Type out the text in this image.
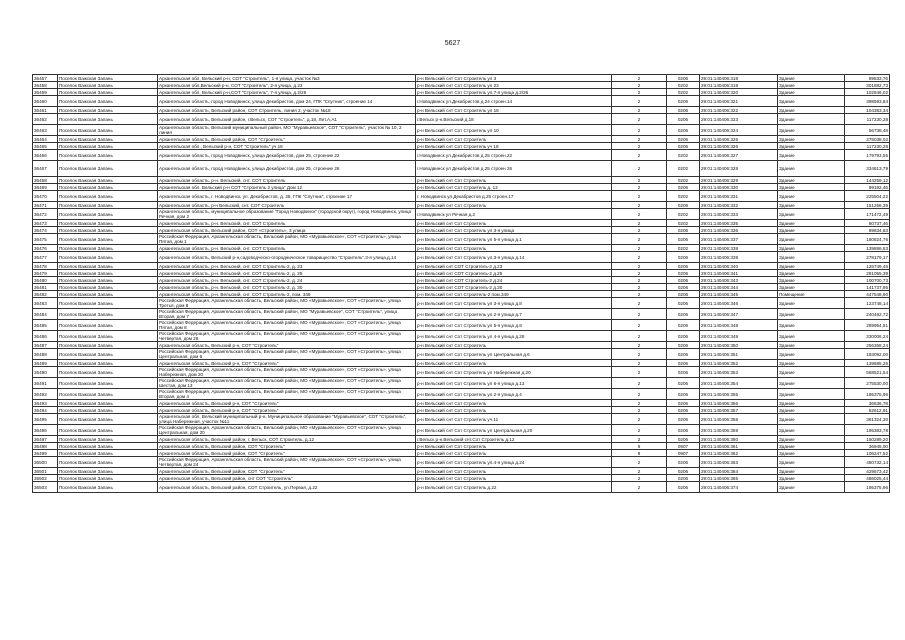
5627
36457	Поселок Важская Запань	Архангельская обл, Вельский р-н, СОТ "Строитель", 1-я улица, участок №3	р-н Вельский снт Сот Строитель ул 3	2	0206	29:01:140406:318	Здание	89833,76
36458	Поселок Важская Запань	Архангельская обл,Вельский р-н, СОТ "Строитель", 2-я улица, д.23	р-н Вельский снт Сот Строитель ул 23	2	0202	29:01:140406:319	Здание	301882,73
36459	Поселок Важская Запань	Архангельская обл, Вельский р-н,СОТ "Строитель", 7-я улица, д.2/26	р-н Вельский снт Сот Строитель ул.7-я улица д.2/26	2	0202	29:01:140406:320	Здание	102846,02
36460	Поселок Важская Запань	Архангельская область, город Новодвинск, улица Декабристов, дом 24, ГПК "Спутник", строение 14	г.Новодвинск ул.Декабристов д.24 строен.14	2	0206	29:01:140406:321	Здание	398593,84
36461	Поселок Важская Запань	Архангельская область, Вельский район, СОТ Строитель, линия 2, участок №18	р-н Вельский снт Сот Строитель ул 18	2	0206	29:01:140406:322	Здание	104383,34
36462	Поселок Важская Запань	Архангельская область, Вельский район, г.Вельск, СОТ "Строитель", д.18, Лит.А,А1	г.Вельск р-н.Вельский д.18	2	0206	29:01:140406:323	Здание	117230,28
36463	Поселок Важская Запань	Архангельская область, Вельский муниципальный район, МО "Муравьевское", СОТ "Строитель", участок № 10, 2 линия	р-н Вельский снт Сот Строитель ул 10	2	0206	29:01:140406:324	Здание	56738,48
36464	Поселок Важская Запань	Архангельская область, Вельский район, СОТ "Строитель"	р-н Вельский снт Сот Строитель	2	0206	29:01:140406:325	Здание	275038,02
36465	Поселок Важская Запань	Архангельская обл., Вельский р-н, СОТ "Строитель" уч.18	р-н Вельский снт Сот Строитель уч 18	2	0206	29:01:140406:326	Здание	117230,28
36466	Поселок Важская Запань	Архангельская область, город Новодвинск, улица Декабристов, дом 25, строение 22	г.Новодвинск ул.Декабристов д.25 строен.22	2	0202	29:01:140406:327	Здание	179793,55
36467	Поселок Важская Запань	Архангельская область, город Новодвинск, улица Декабристов, дом 25, строение 26	г.Новодвинск ул Декабристов д.25 строен 26	2	0202	29:01:140406:328	Здание	334613,79
36468	Поселок Важская Запань	Архангельская область, р-н. Вельский, снт. СОТ Строитель	р-н Вельский снт Сот Строитель	2	0202	29:01:140406:329	Здание	144259,12
36469	Поселок Важская Запань	Архангельская обл. Вельский р-н СОТ "Строитель 2 улица" Дом 12	р-н Вельский снт Сот Строитель д. 12	2	0206	29:01:140406:330	Здание	99192,46
36470	Поселок Важская Запань	Архангельская область, г. Новодвинск, ул. Декабристов, д. 28, ГПК "Спутник", строение 17	г. Новодвинск ул.Декабристов д.25 строен.17	2	0202	29:01:140406:331	Здание	225504,22
36471	Поселок Важская Запань	Архангельская область, р-н Вельский, снт. СОТ Строитель	р-н Вельский снт Сот Строитель	2	0206	29:01:140406:332	Здание	151268,39
36472	Поселок Важская Запань	Архангельская область, муниципальное образование "Город Новодвинск" (городской округ), город Новодвинск, улица Речная, дом 2	г.Новодвинск ул Речная д.2	2	0202	29:01:140406:333	Здание	171472,49
36473	Поселок Важская Запань	Архангельская область, р-н. Вельский, снт. СОТ Строитель	р-н Вельский снт Сот Строитель	2	0202	29:01:140406:335	Здание	80737,46
36474	Поселок Важская Запань	Архангельская область, Вельский район, СОТ «Строитель», 3 улица	р-н Вельский снт Сот Строитель ул 3-я улица	2	0206	29:01:140406:336	Здание	89834,83
36475	Поселок Важская Запань	Российская Федерация, Архангельская область, Вельский район, МО «Муравьевское», СОТ «Строитель», улица Пятая, дом 1	р-н Вельский снт Сот Строитель ул 5-я улица д.1	2	0206	29:01:140406:337	Здание	180824,76
36476	Поселок Важская Запань	Архангельская область, р-н. Вельский, снт. СОТ Строитель	р-н Вельский снт Сот Строитель	2	0202	29:01:140406:338	Здание	139886,53
36477	Поселок Важская Запань	Архангельская область, Вельский р-н,садоводческо-огородническое товарищество "Строитель",3-я улица,д.14	р-н Вельский снт Сот Строитель ул.3-я улица д.14	2	0206	29:01:140406:339	Здание	278179,17
36478	Поселок Важская Запань	Архангельская область, р-н. Вельский, снт. СОТ Строитель-2, д. 23	р-н Вельский снт СОТ Строитель-2 д.23	2	0206	29:01:140406:340	Здание	126749,46
36479	Поселок Важская Запань	Архангельская область, р-н. Вельский, снт. СОТ Строитель-2, д. 25	р-н Вельский снт СОТ Строитель-2 д.25	2	0206	29:01:140406:341	Здание	281055,39
36480	Поселок Важская Запань	Архангельская область, р-н. Вельский, снт. СОТ Строитель-2, д. 24	р-н Вельский снт СОТ Строитель-2 д.24	2	0206	29:01:140406:343	Здание	100700,73
36481	Поселок Важская Запань	Архангельская область, р-н. Вельский, снт. СОТ Строитель-2, д. 30	р-н Вельский снт СОТ Строитель-2 д.30	2	0206	29:01:140406:344	Здание	141737,95
36482	Поселок Важская Запань	Архангельская область, р-н. Вельский, снт. СОТ Строитель-2, пом. 349	р-н Вельский снт Сот Строитель-2 пом.349	2	0206	29:01:140406:345	Помещение	447548,90
36483	Поселок Важская Запань	Российская Федерация, Архангельская область, Вельский район, МО «Муравьевское», СОТ «Строитель», улица Третья, дом 8	р-н Вельский снт Сот Строитель ул 3-я улица д.8	2	0206	29:01:140406:346	Здание	123748,14
36484	Поселок Важская Запань	Российская Федерация, Архангельская область, Вельский район, МО "Муравьевское", СОТ "Строитель", улица Вторая, дом 7	р-н Вельский снт Сот Строитель ул.2-я улица д.7	2	0206	29:01:140406:347	Здание	240482,72
36485	Поселок Важская Запань	Российская Федерация, Архангельская область, Вельский район, МО «Муравьевское», СОТ «Строитель», улица Пятая, дом 8	р-н Вельский снт Сот Строитель ул 5-я улица д.8	2	0206	29:01:140406:348	Здание	289954,51
36486	Поселок Важская Запань	Российская Федерация, Архангельская область, Вельский район, МО «Муравьевское», СОТ «Строитель», улица Четвертая, дом 28	р-н Вельский снт Сот Строитель ул 4-я улица д.28	2	0206	29:01:140406:349	Здание	330006,24
36487	Поселок Важская Запань	Архангельская область, Вельский р-н, СОТ "Строитель"	р-н Вельский снт Сот Строитель	2	0206	29:01:140406:350	Здание	256368,24
36488	Поселок Важская Запань	Российская Федерация, Архангельская область, Вельский район, МО «Муравьевское», СОТ «Строитель», улица Центральная, дом 6	р-н Вельский снт Сот Строитель ул Центральная д.6	2	0206	29:01:140406:351	Здание	193092,00
36489	Поселок Важская Запань	Архангельская область, Вельский р-н, СОТ "Строитель"	р-н Вельский снт Сот Строитель	2	0206	29:01:140406:352	Здание	139685,25
36490	Поселок Важская Запань	Российская Федерация, Архангельская область, Вельский район, МО «Муравьевское», СОТ «Строитель», улица Набережная, дом 20	р-н Вельский снт Сот Строитель ул Набережная д.20	2	0206	29:01:140406:353	Здание	568521,54
36491	Поселок Важская Запань	Российская Федерация, Архангельская область, Вельский район, МО «Муравьевское», СОТ «Строитель», улица Шестая, дом 13	р-н Вельский снт Сот Строитель ул 6-я улица д.13	2	0206	29:01:140406:354	Здание	275530,00
36492	Поселок Важская Запань	Российская Федерация, Архангельская область, Вельский район, МО «Муравьевское», СОТ «Строитель», улица Вторая, дом 4	р-н Вельский снт Сот Строитель ул.2-я улица д.4	2	0206	29:01:140406:355	Здание	195375,96
36493	Поселок Важская Запань	Архангельская область, Вельский р-н, СОТ "Строитель"	р-н Вельский снт Сот Строитель	2	0206	29:01:140406:356	Здание	36536,78
36494	Поселок Важская Запань	Архангельская область, Вельский р-н, СОТ "Строитель"	р-н Вельский снт Сот Строитель	2	0206	29:01:140406:357	Здание	52612,91
36495	Поселок Важская Запань	Архангельская обл, Вельский муниципальный р-н, Муниципальное образование "Муравьевское", СОТ "Строитель", улица Набережная, участок №11	р-н Вельский снт Сот Строитель уч.11	2	0206	29:01:140406:358	Здание	361324,30
36496	Поселок Важская Запань	Российская Федерация, Архангельская область, Вельский район, МО «Муравьевское», СОТ «Строитель», улица Центральная, дом 20	р-н Вельский снт Сот Строитель ул Центральная д.20	2	0206	29:01:140406:359	Здание	195383,78
36497	Поселок Важская Запань	Архангельская область, Вельский район, г. Вельск, СОТ Строитель, д.12	г.Вельск р-н.Вельский снт.Сот Строитель д.12	2	0206	29:01:140406:360	Здание	150289,20
36498	Поселок Важская Запань	Архангельская область, Вельский район, СОТ "Строитель"	р-н Вельский снт Сот Строитель	9	0907	29:01:140406:361	Здание	36945,00
36499	Поселок Важская Запань	Архангельская область, Вельский район, СОТ "Строитель"	р-н Вельский снт Сот Строитель	9	0907	29:01:140406:362	Здание	106247,52
36500	Поселок Важская Запань	Российская Федерация, Архангельская область, Вельский район, МО «Муравьевское», СОТ «Строитель», улица Четвертая, дом 24	р-н Вельский снт Сот Строитель ул.4-я улица д.24	2	0206	29:01:140406:363	Здание	480732,14
36501	Поселок Важская Запань	Архангельская область, Вельский район, СОТ "Строитель"	р-н Вельский снт Сот Строитель	2	0206	29:01:140406:364	Здание	429573,42
36502	Поселок Важская Запань	Архангельская область, Вельский район, снт СОТ "Строитель"	р-н Вельский снт Сот Строитель	2	0206	29:01:140406:365	Здание	486025,44
36503	Поселок Важская Запань	Архангельская область, Вельский район, СОТ Строитель, ул.Первая, д.22	р-н Вельский снт Сот Строитель д.22	2	0206	29:01:140406:374	Здание	195375,96
